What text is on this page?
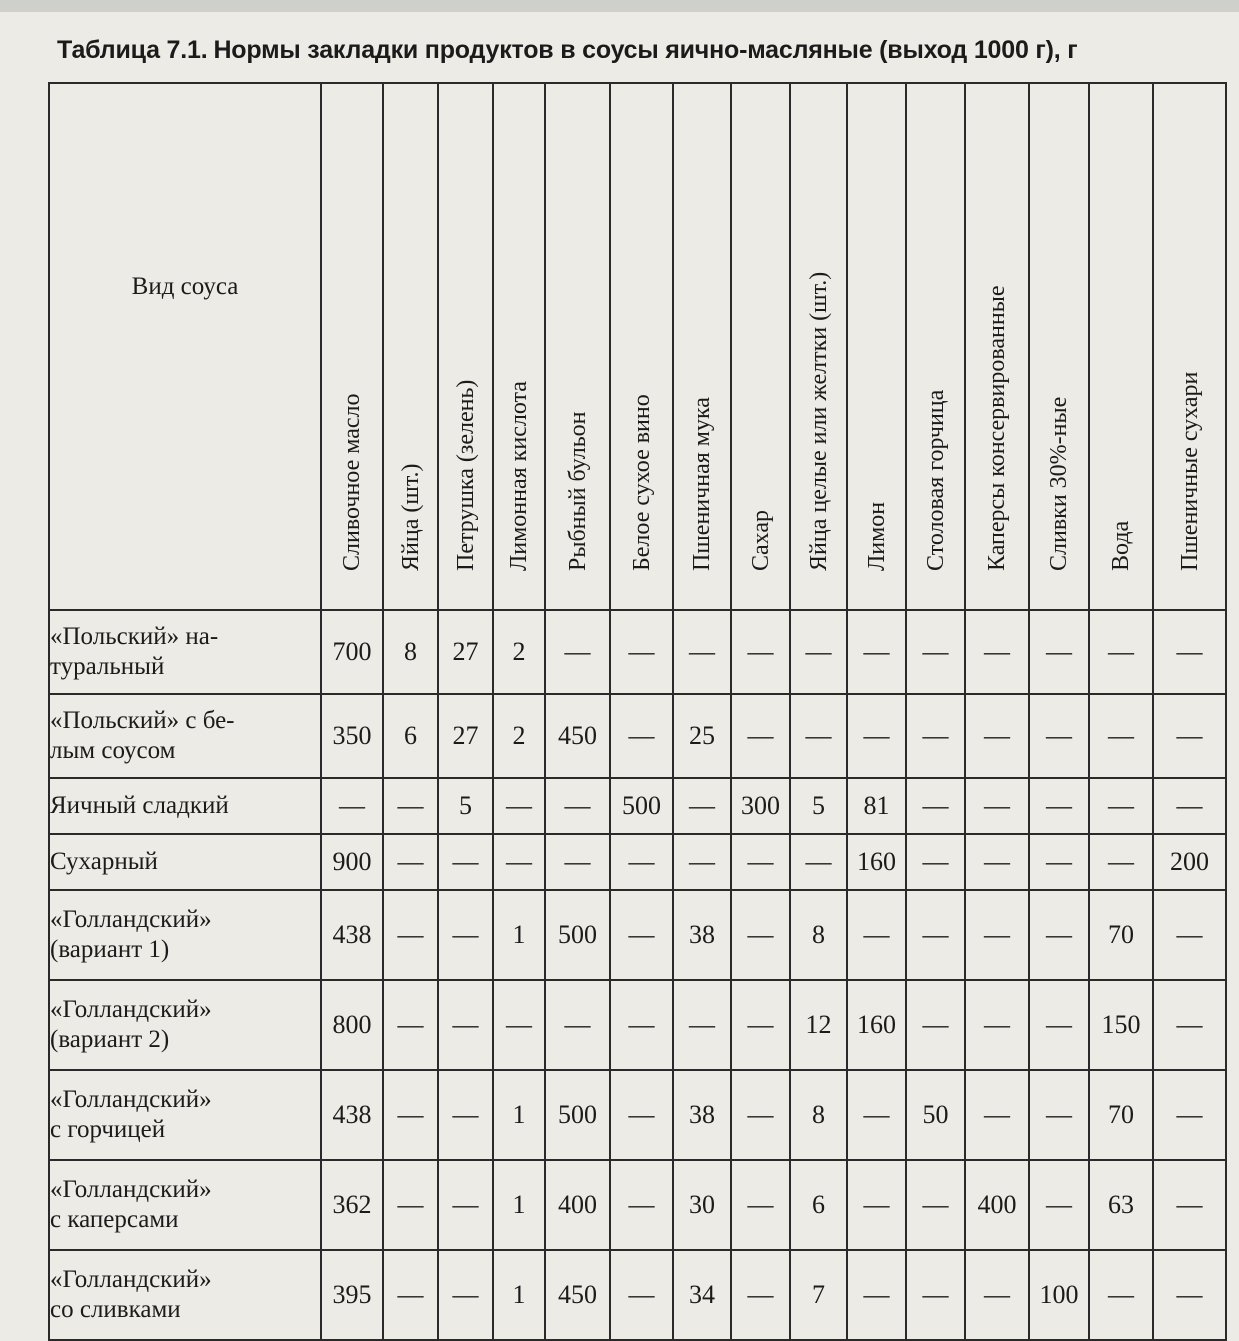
Таблица 7.1. Нормы закладки продуктов в соусы яично-масляные (выход 1000 г), г
Вид соуса	Сливочное масло	Яйца (шт.)	Петрушка (зелень)	Лимонная кислота	Рыбный бульон	Белое сухое вино	Пшеничная мука	Сахар	Яйца целые или желтки (шт.)	Лимон	Столовая горчица	Каперсы консервированные	Сливки 30%-ные	Вода	Пшеничные сухари

«Польский» на-
туральный	700	8	27	2	—	—	—	—	—	—	—	—	—	—	—
«Польский» с бе-
лым соусом	350	6	27	2	450	—	25	—	—	—	—	—	—	—	—
Яичный сладкий	—	—	5	—	—	500	—	300	5	81	—	—	—	—	—
Сухарный	900	—	—	—	—	—	—	—	—	160	—	—	—	—	200
«Голландский»
(вариант 1)	438	—	—	1	500	—	38	—	8	—	—	—	—	70	—
«Голландский»
(вариант 2)	800	—	—	—	—	—	—	—	12	160	—	—	—	150	—
«Голландский»
с горчицей	438	—	—	1	500	—	38	—	8	—	50	—	—	70	—
«Голландский»
с каперсами	362	—	—	1	400	—	30	—	6	—	—	400	—	63	—
«Голландский»
со сливками	395	—	—	1	450	—	34	—	7	—	—	—	100	—	—
